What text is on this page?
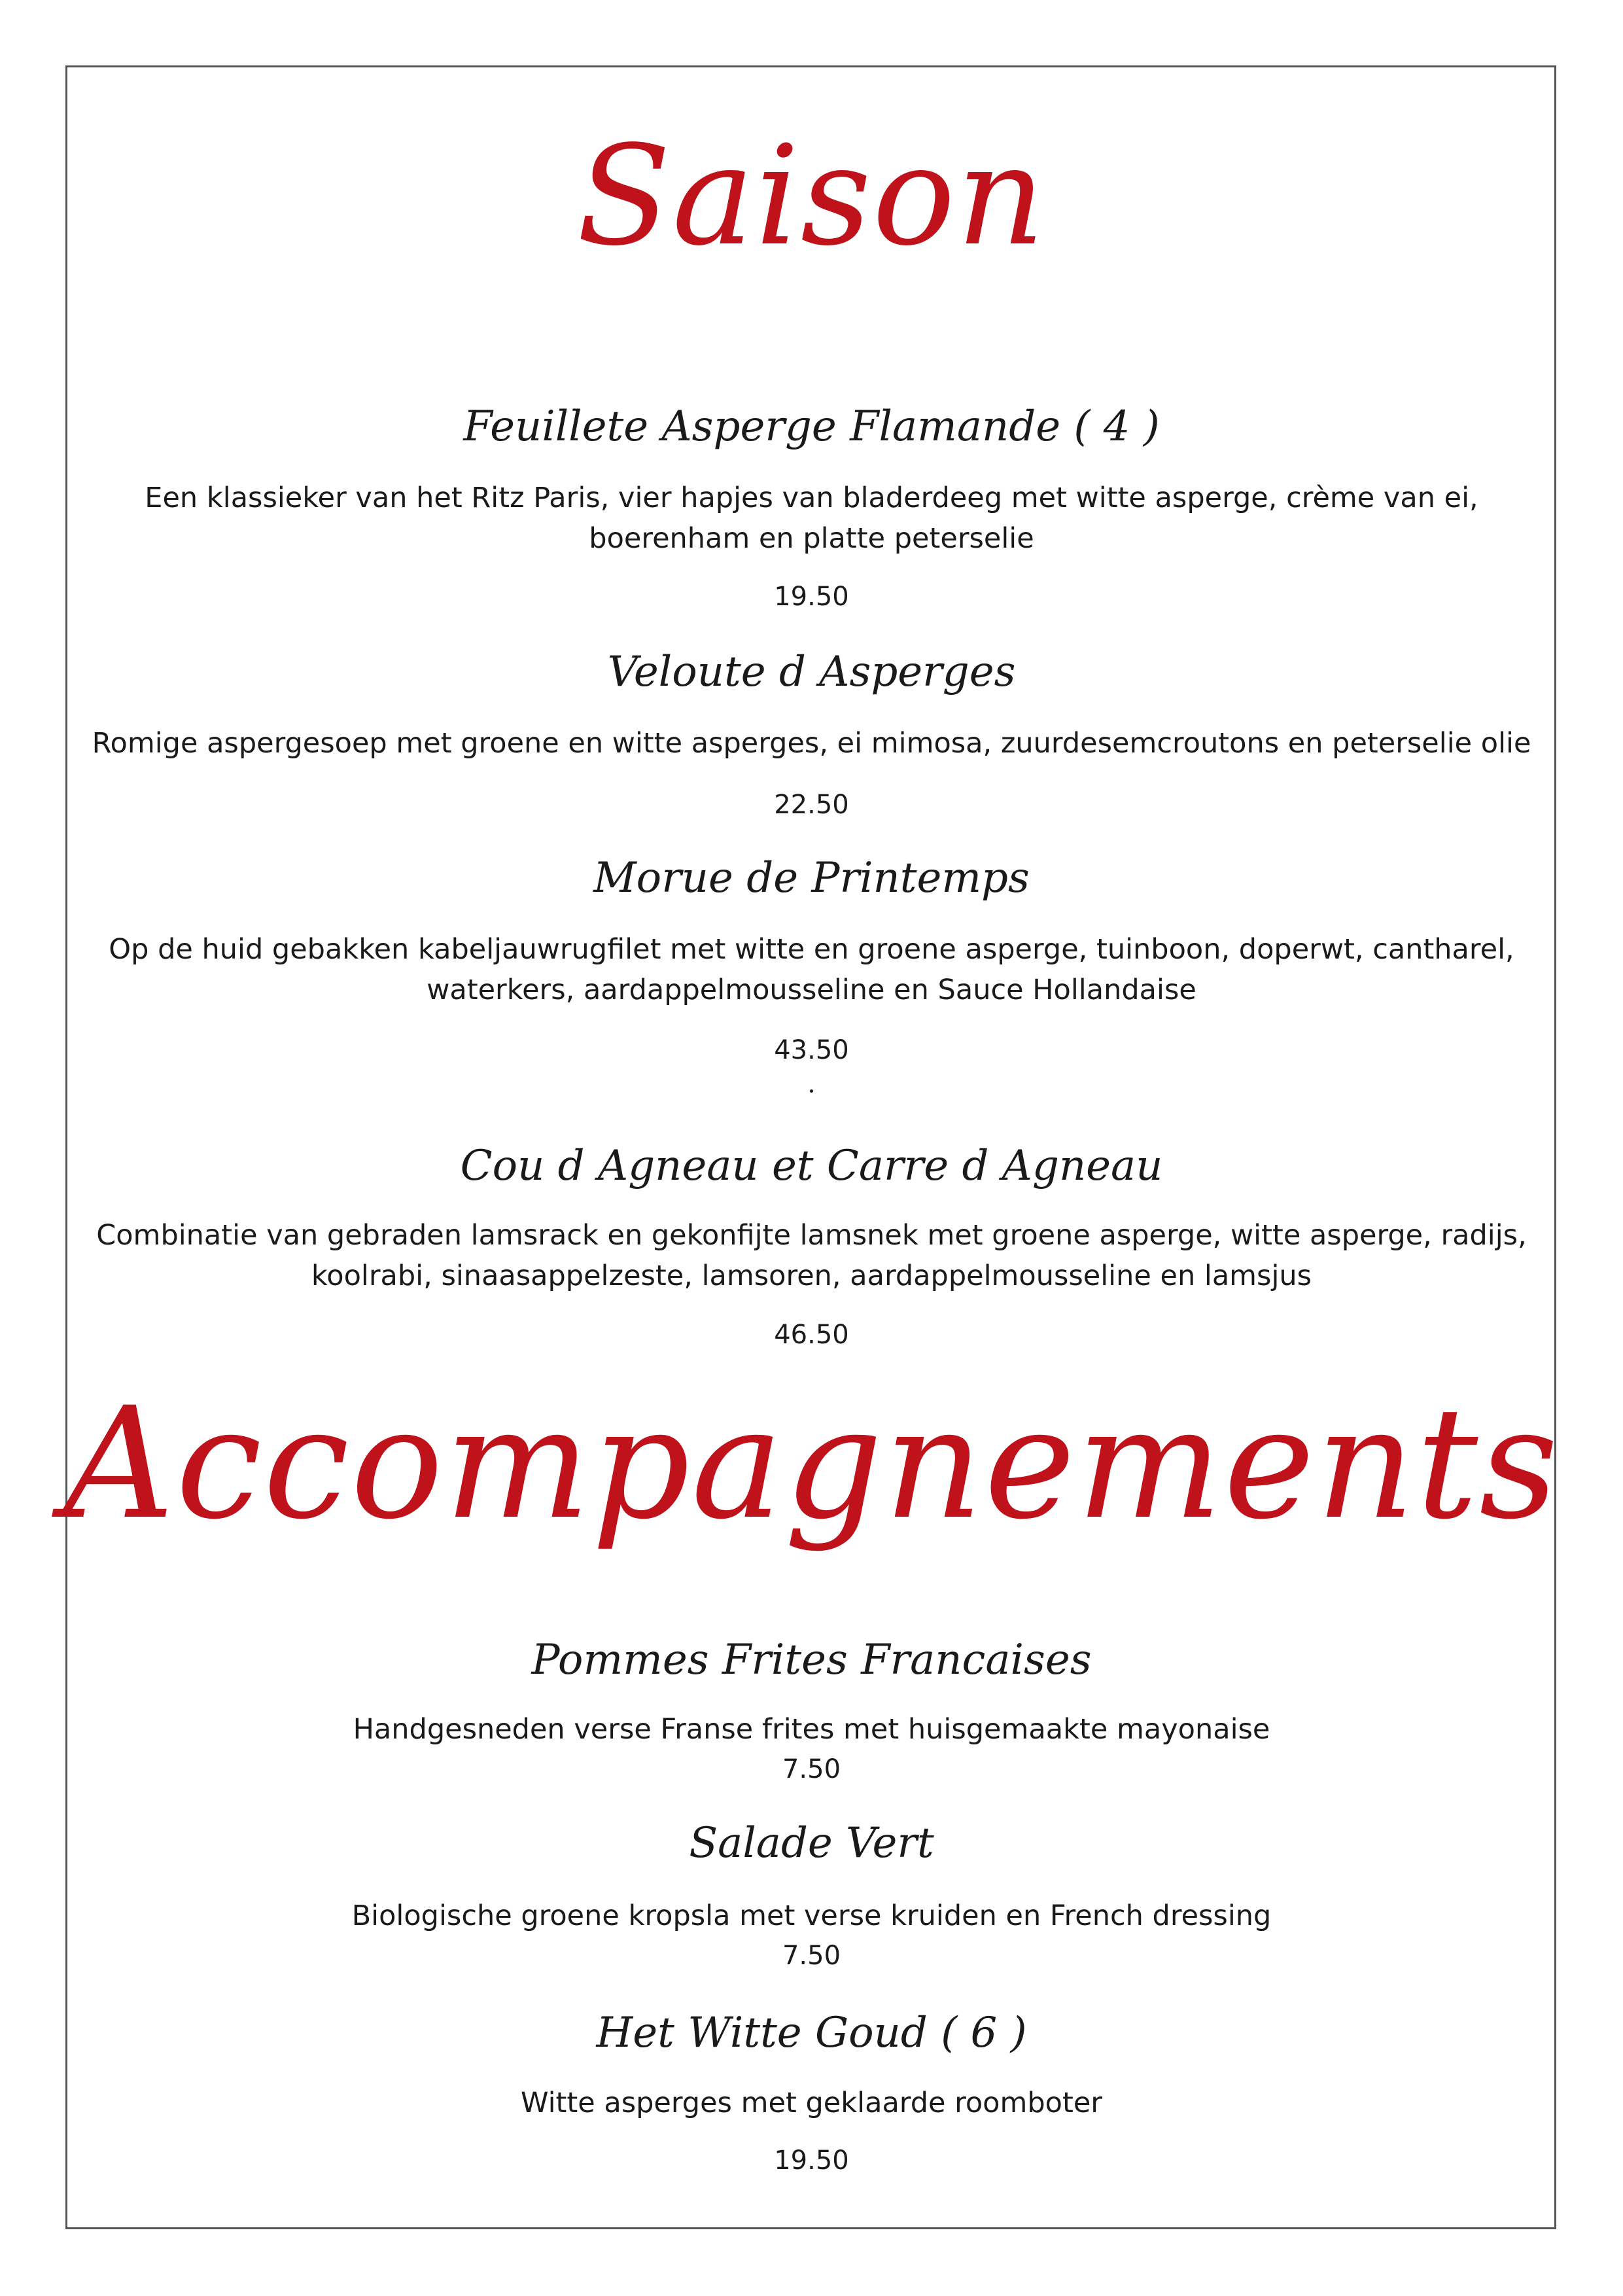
Saison
Feuillete Asperge Flamande ( 4 )
Een klassieker van het Ritz Paris, vier hapjes van bladerdeeg met witte asperge, crème van ei,
boerenham en platte peterselie
19.50
Veloute d Asperges
Romige aspergesoep met groene en witte asperges, ei mimosa, zuurdesemcroutons en peterselie olie
22.50
Morue de Printemps
Op de huid gebakken kabeljauwrugfilet met witte en groene asperge, tuinboon, doperwt, cantharel,
waterkers, aardappelmousseline en Sauce Hollandaise
43.50
Cou d Agneau et Carre d Agneau
Combinatie van gebraden lamsrack en gekonfijte lamsnek met groene asperge, witte asperge, radijs,
koolrabi, sinaasappelzeste, lamsoren, aardappelmousseline en lamsjus
46.50
Accompagnements
Pommes Frites Francaises
Handgesneden verse Franse frites met huisgemaakte mayonaise
7.50
Salade Vert
Biologische groene kropsla met verse kruiden en French dressing
7.50
Het Witte Goud ( 6 )
Witte asperges met geklaarde roomboter
19.50
